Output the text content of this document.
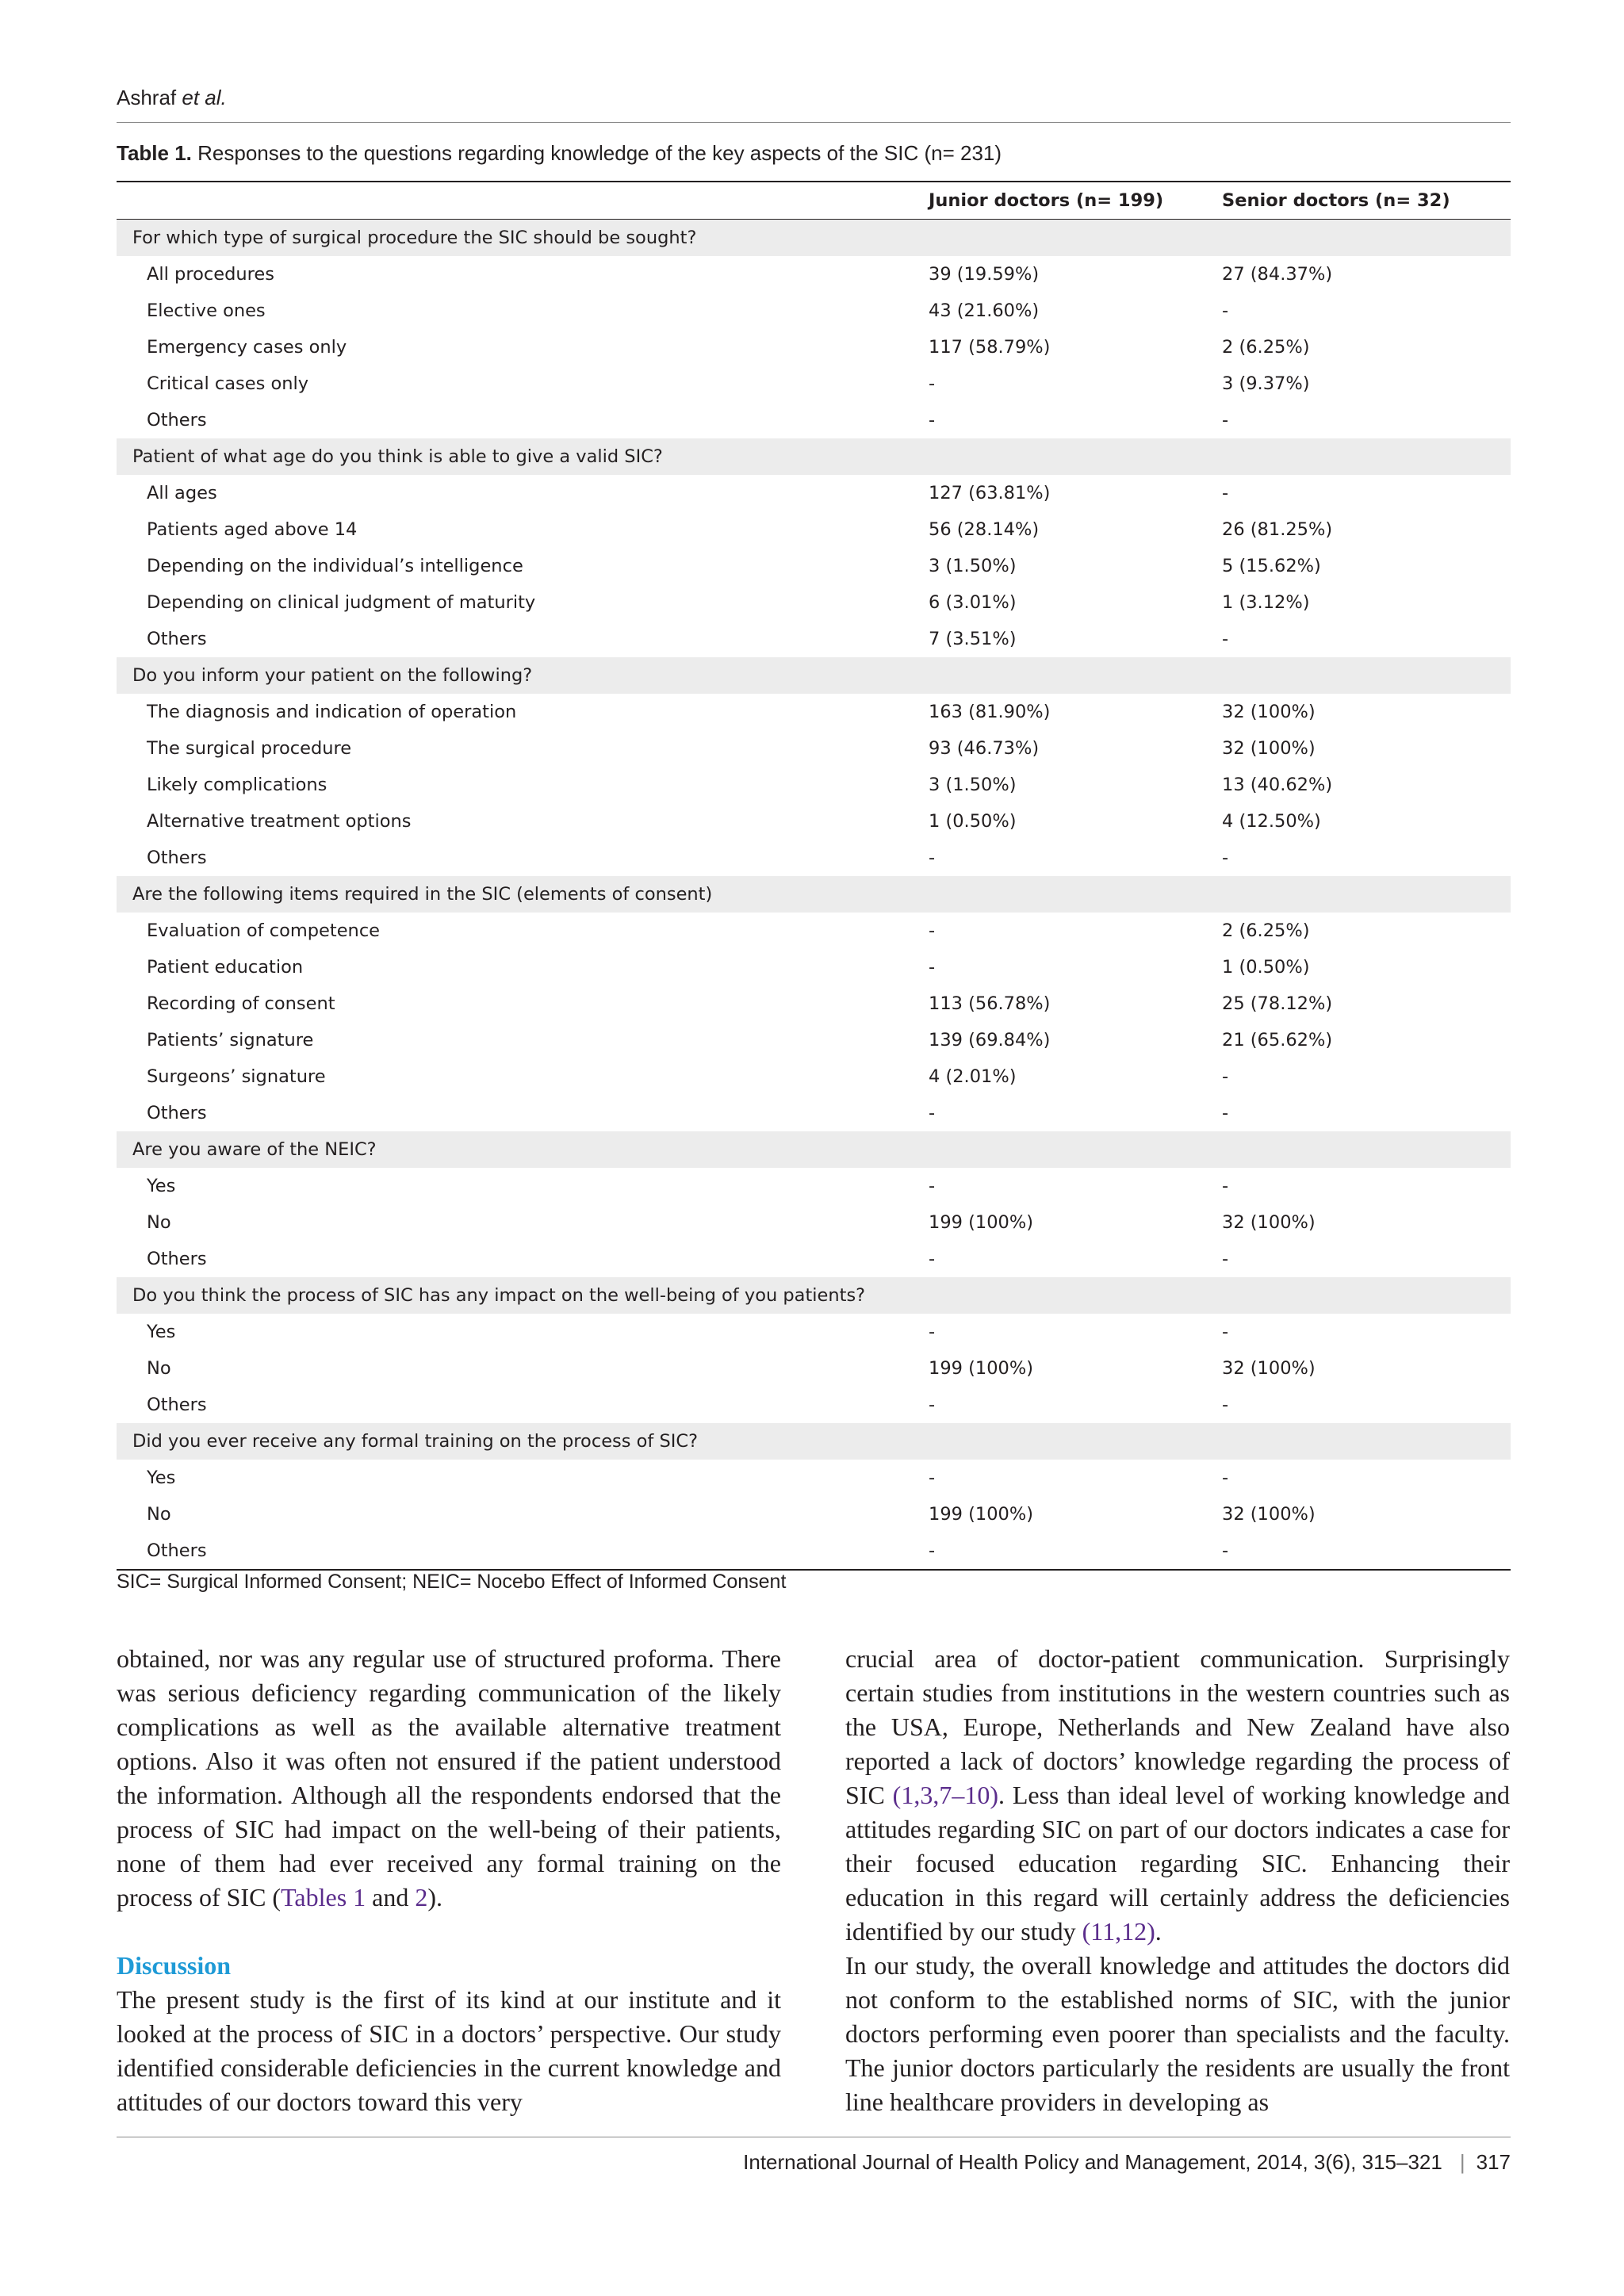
Ashraf et al.
Table 1. Responses to the questions regarding knowledge of the key aspects of the SIC (n= 231)
Junior doctors (n= 199)	Senior doctors (n= 32)
For which type of surgical procedure the SIC should be sought?
All procedures	39 (19.59%)	27 (84.37%)
Elective ones	43 (21.60%)	-
Emergency cases only	117 (58.79%)	2 (6.25%)
Critical cases only	-	3 (9.37%)
Others	-	-
Patient of what age do you think is able to give a valid SIC?
All ages	127 (63.81%)	-
Patients aged above 14	56 (28.14%)	26 (81.25%)
Depending on the individual’s intelligence	3 (1.50%)	5 (15.62%)
Depending on clinical judgment of maturity	6 (3.01%)	1 (3.12%)
Others	7 (3.51%)	-
Do you inform your patient on the following?
The diagnosis and indication of operation	163 (81.90%)	32 (100%)
The surgical procedure	93 (46.73%)	32 (100%)
Likely complications	3 (1.50%)	13 (40.62%)
Alternative treatment options	1 (0.50%)	4 (12.50%)
Others	-	-
Are the following items required in the SIC (elements of consent)
Evaluation of competence	-	2 (6.25%)
Patient education	-	1 (0.50%)
Recording of consent	113 (56.78%)	25 (78.12%)
Patients’ signature	139 (69.84%)	21 (65.62%)
Surgeons’ signature	4 (2.01%)	-
Others	-	-
Are you aware of the NEIC?
Yes	-	-
No	199 (100%)	32 (100%)
Others	-	-
Do you think the process of SIC has any impact on the well-being of you patients?
Yes	-	-
No	199 (100%)	32 (100%)
Others	-	-
Did you ever receive any formal training on the process of SIC?
Yes	-	-
No	199 (100%)	32 (100%)
Others	-	-
SIC= Surgical Informed Consent; NEIC= Nocebo Effect of Informed Consent

obtained, nor was any regular use of structured proforma. There was serious deficiency regarding communication of the likely complications as well as the available alternative treatment options. Also it was often not ensured if the patient understood the information. Although all the respondents endorsed that the process of SIC had impact on the well-being of their patients, none of them had ever received any formal training on the process of SIC (Tables 1 and 2).

Discussion

The present study is the first of its kind at our institute and it looked at the process of SIC in a doctors’ perspective. Our study identified considerable deficiencies in the current knowledge and attitudes of our doctors toward this very

crucial area of doctor-patient communication. Surprisingly certain studies from institutions in the western countries such as the USA, Europe, Netherlands and New Zealand have also reported a lack of doctors’ knowledge regarding the process of SIC (1,3,7–10). Less than ideal level of working knowledge and attitudes regarding SIC on part of our doctors indicates a case for their focused education regarding SIC. Enhancing their education in this regard will certainly address the deficiencies identified by our study (11,12).

In our study, the overall knowledge and attitudes the doctors did not conform to the established norms of SIC, with the junior doctors performing even poorer than specialists and the faculty. The junior doctors particularly the residents are usually the front line healthcare providers in developing as

International Journal of Health Policy and Management, 2014, 3(6), 315–321 | 317
